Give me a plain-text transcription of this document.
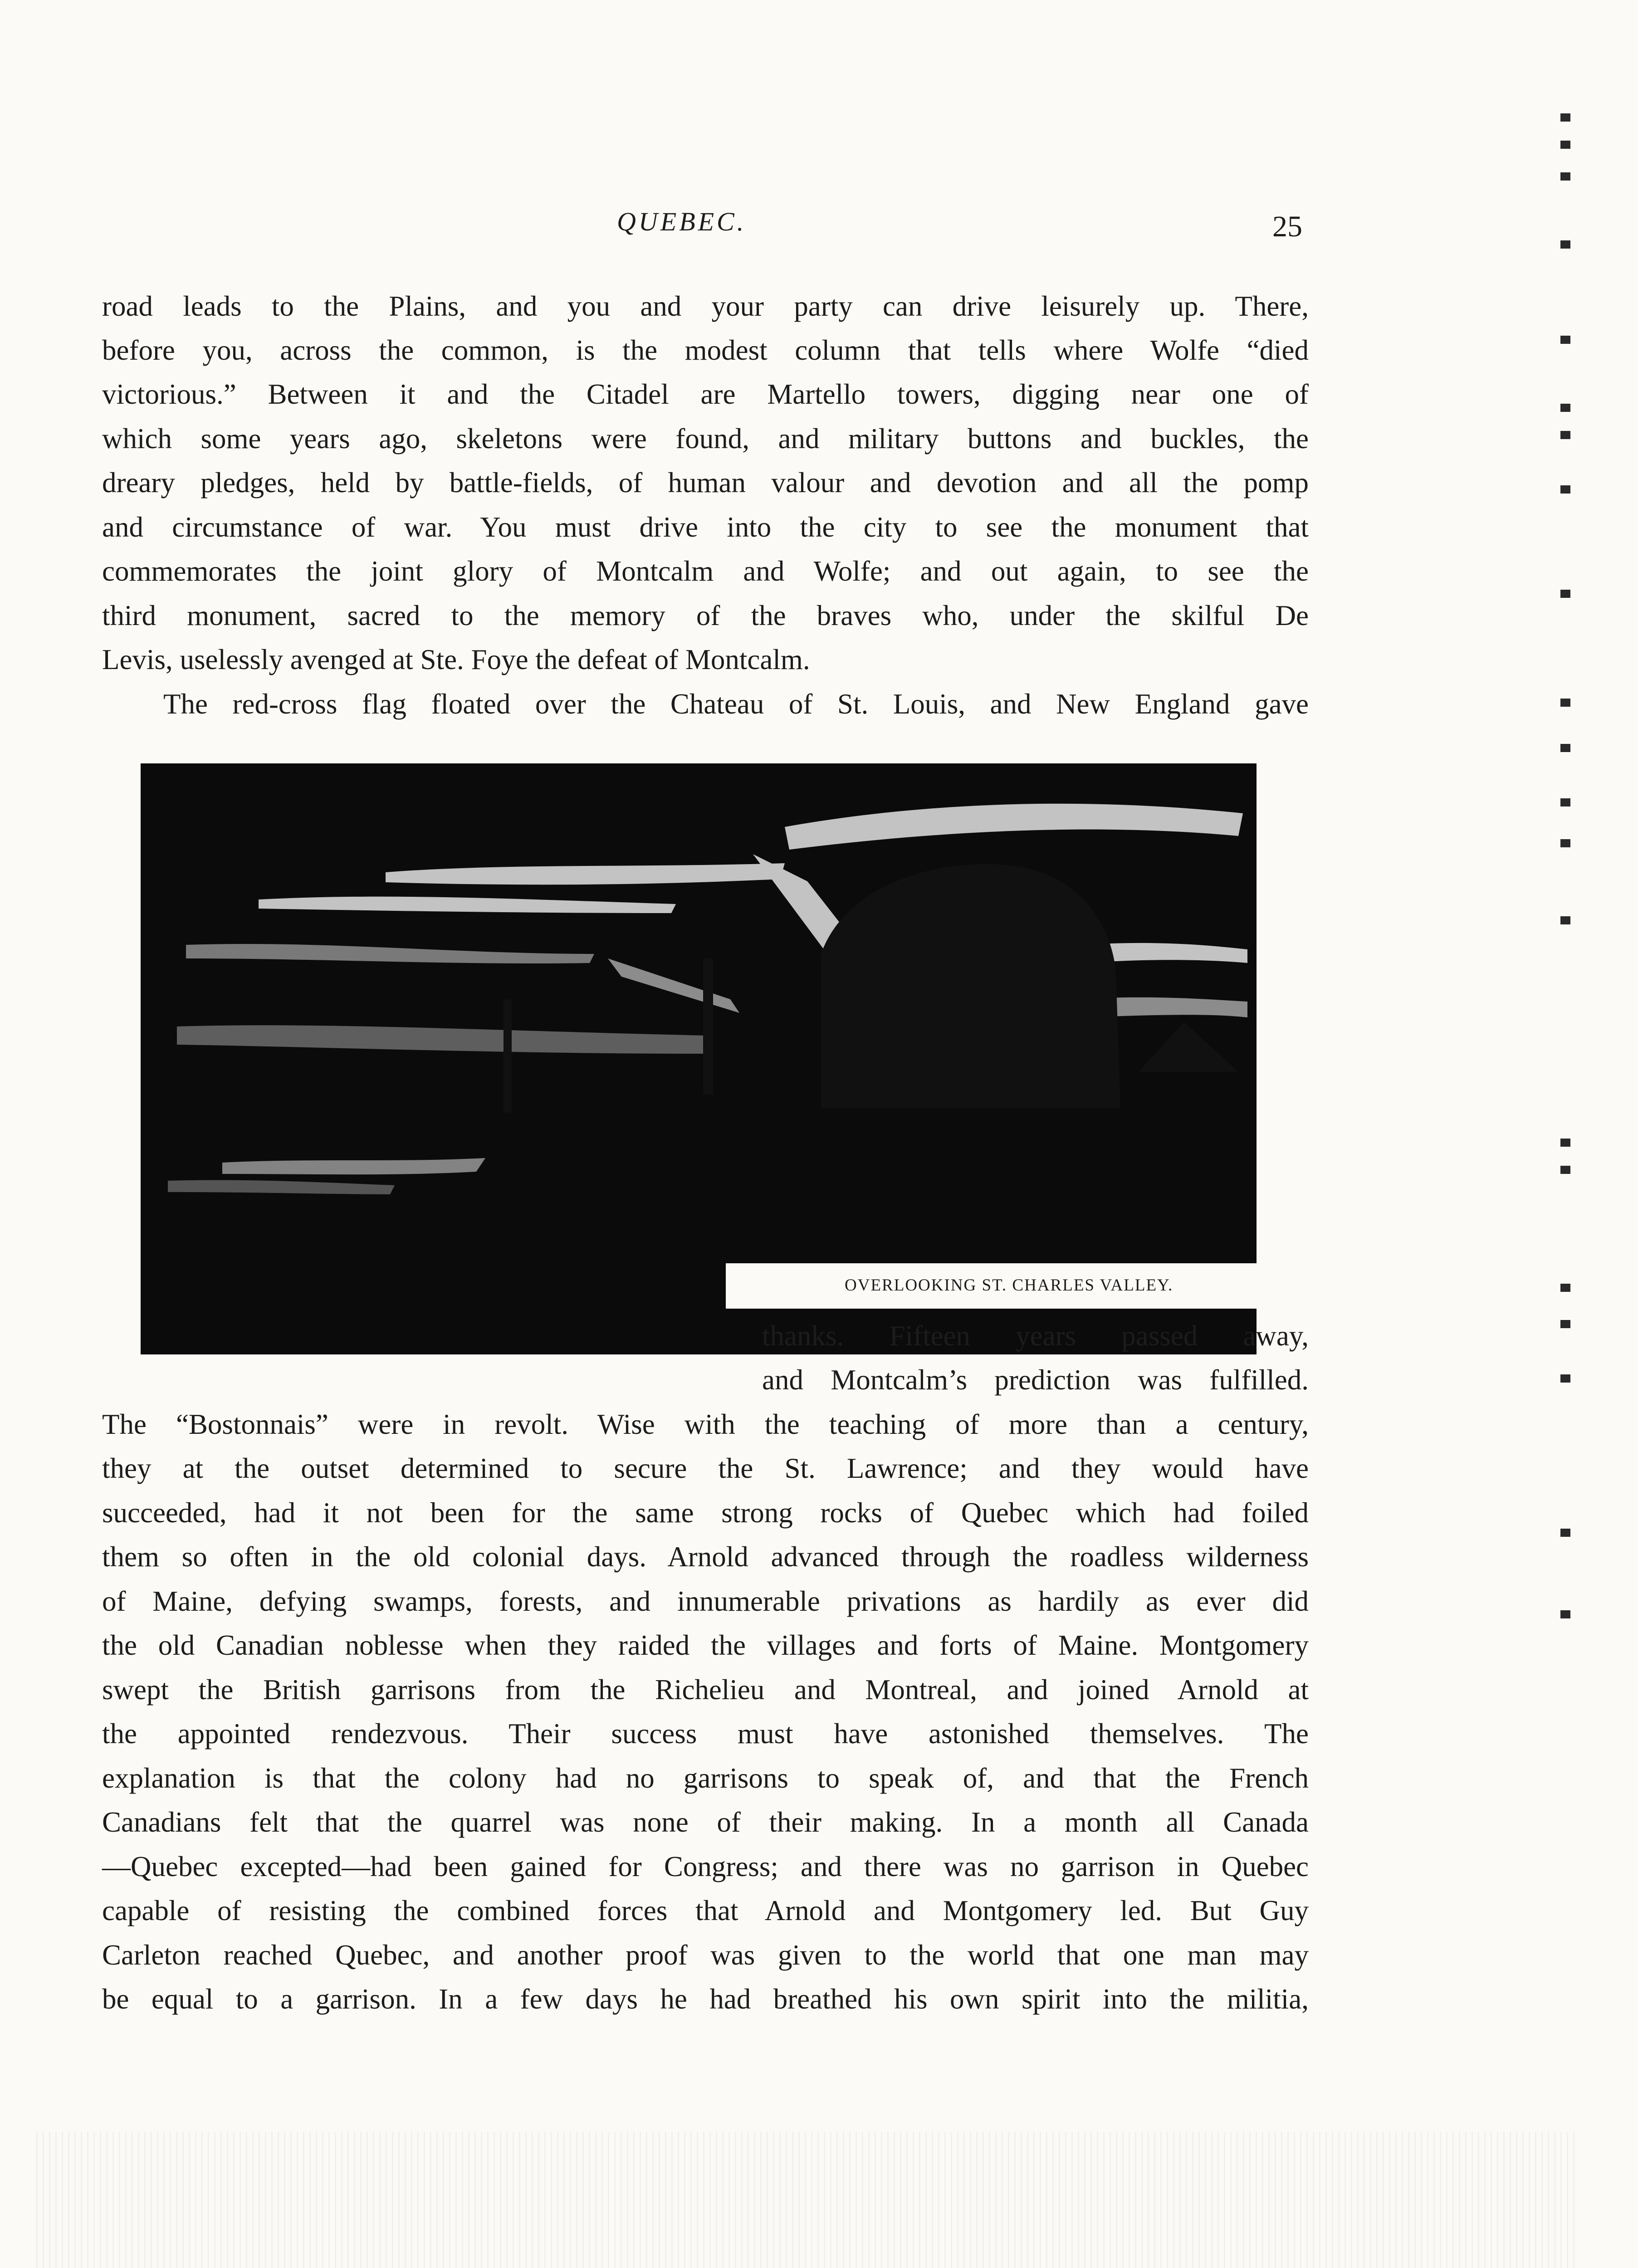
QUEBEC.	25
road leads to the Plains, and you and your party can drive leisurely up. There,
before you, across the common, is the modest column that tells where Wolfe “died
victorious.” Between it and the Citadel are Martello towers, digging near one of
which some years ago, skeletons were found, and military buttons and buckles, the
dreary pledges, held by battle-fields, of human valour and devotion and all the pomp
and circumstance of war. You must drive into the city to see the monument that
commemorates the joint glory of Montcalm and Wolfe; and out again, to see the
third monument, sacred to the memory of the braves who, under the skilful De
Levis, uselessly avenged at Ste. Foye the defeat of Montcalm.
The red-cross flag floated over the Chateau of St. Louis, and New England gave
OVERLOOKING ST. CHARLES VALLEY.
thanks. Fifteen years passed away,
and Montcalm’s prediction was fulfilled.
The “Bostonnais” were in revolt. Wise with the teaching of more than a century,
they at the outset determined to secure the St. Lawrence; and they would have
succeeded, had it not been for the same strong rocks of Quebec which had foiled
them so often in the old colonial days. Arnold advanced through the roadless wilderness
of Maine, defying swamps, forests, and innumerable privations as hardily as ever did
the old Canadian noblesse when they raided the villages and forts of Maine. Montgomery
swept the British garrisons from the Richelieu and Montreal, and joined Arnold at
the appointed rendezvous. Their success must have astonished themselves. The
explanation is that the colony had no garrisons to speak of, and that the French
Canadians felt that the quarrel was none of their making. In a month all Canada
—Quebec excepted—had been gained for Congress; and there was no garrison in Quebec
capable of resisting the combined forces that Arnold and Montgomery led. But Guy
Carleton reached Quebec, and another proof was given to the world that one man may
be equal to a garrison. In a few days he had breathed his own spirit into the militia,
